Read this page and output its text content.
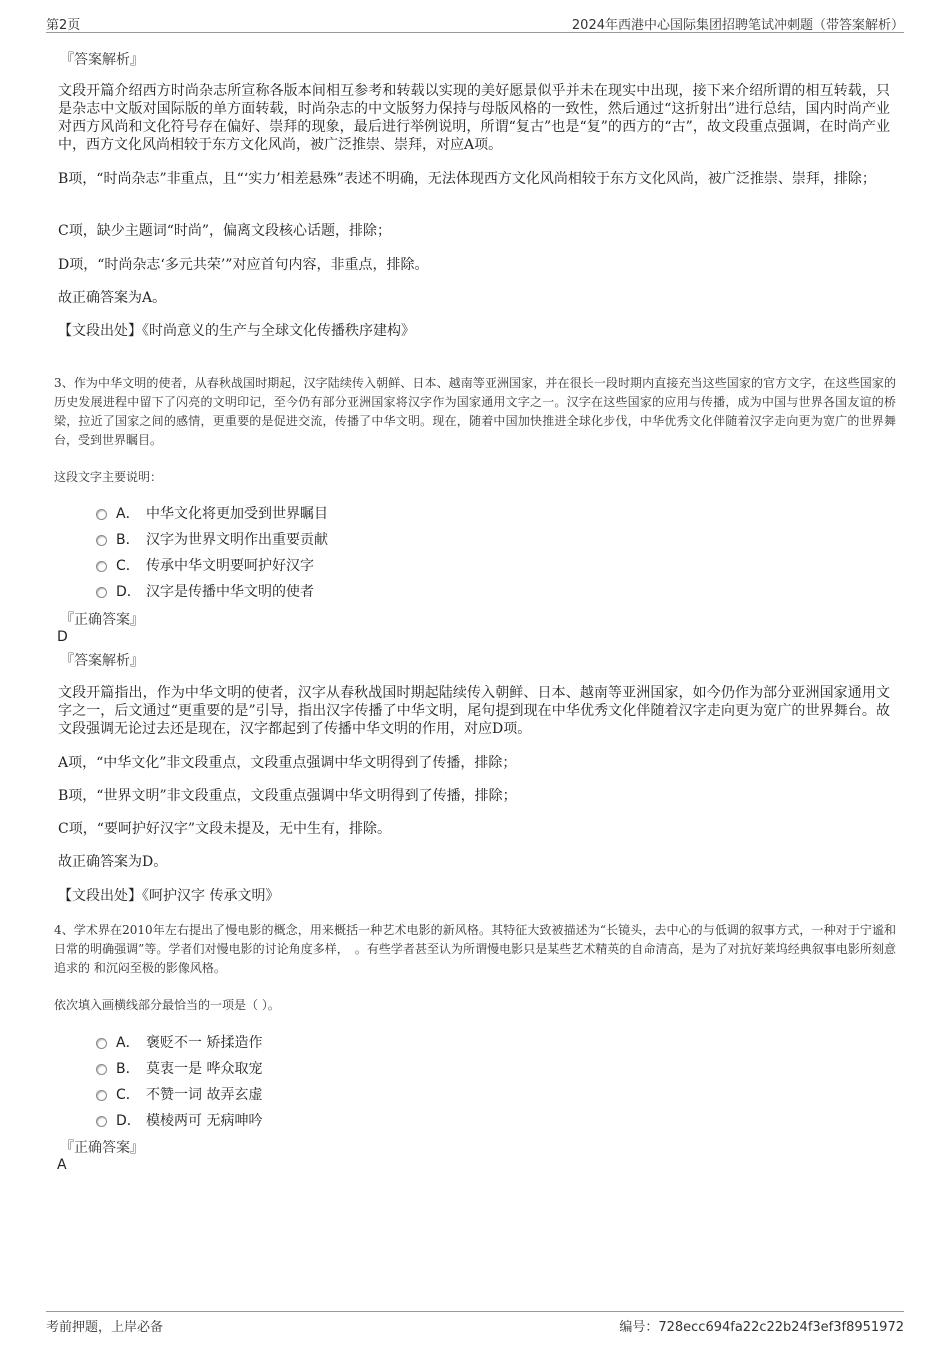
第2页	2024年西港中心国际集团招聘笔试冲刺题（带答案解析）
『答案解析』

文段开篇介绍西方时尚杂志所宣称各版本间相互参考和转载以实现的美好愿景似乎并未在现实中出现，接下来介绍所谓的相互转载，只是杂志中文版对国际版的单方面转载，时尚杂志的中文版努力保持与母版风格的一致性，然后通过“这折射出”进行总结，国内时尚产业对西方风尚和文化符号存在偏好、崇拜的现象，最后进行举例说明，所谓“复古”也是“复”的西方的“古”，故文段重点强调，在时尚产业中，西方文化风尚相较于东方文化风尚，被广泛推崇、崇拜，对应A项。

B项，“时尚杂志”非重点，且“‘实力’相差悬殊”表述不明确，无法体现西方文化风尚相较于东方文化风尚，被广泛推崇、崇拜，排除；

C项，缺少主题词“时尚”，偏离文段核心话题，排除；

D项，“时尚杂志‘多元共荣’”对应首句内容，非重点，排除。

故正确答案为A。

【文段出处】《时尚意义的生产与全球文化传播秩序建构》

3、作为中华文明的使者，从春秋战国时期起，汉字陆续传入朝鲜、日本、越南等亚洲国家，并在很长一段时期内直接充当这些国家的官方文字，在这些国家的历史发展进程中留下了闪亮的文明印记，至今仍有部分亚洲国家将汉字作为国家通用文字之一。汉字在这些国家的应用与传播，成为中国与世界各国友谊的桥梁，拉近了国家之间的感情，更重要的是促进交流，传播了中华文明。现在，随着中国加快推进全球化步伐，中华优秀文化伴随着汉字走向更为宽广的世界舞台，受到世界瞩目。

这段文字主要说明：

A． 中华文化将更加受到世界瞩目
B． 汉字为世界文明作出重要贡献
C． 传承中华文明要呵护好汉字
D． 汉字是传播中华文明的使者
『正确答案』
D
『答案解析』

文段开篇指出，作为中华文明的使者，汉字从春秋战国时期起陆续传入朝鲜、日本、越南等亚洲国家，如今仍作为部分亚洲国家通用文字之一，后文通过“更重要的是”引导，指出汉字传播了中华文明，尾句提到现在中华优秀文化伴随着汉字走向更为宽广的世界舞台。故文段强调无论过去还是现在，汉字都起到了传播中华文明的作用，对应D项。

A项，“中华文化”非文段重点，文段重点强调中华文明得到了传播，排除；

B项，“世界文明”非文段重点，文段重点强调中华文明得到了传播，排除；

C项，“要呵护好汉字”文段未提及，无中生有，排除。

故正确答案为D。

【文段出处】《呵护汉字 传承文明》

4、学术界在2010年左右提出了慢电影的概念，用来概括一种艺术电影的新风格。其特征大致被描述为“长镜头，去中心的与低调的叙事方式，一种对于宁谧和日常的明确强调”等。学者们对慢电影的讨论角度多样，　。有些学者甚至认为所谓慢电影只是某些艺术精英的自命清高，是为了对抗好莱坞经典叙事电影所刻意追求的 和沉闷至极的影像风格。

依次填入画横线部分最恰当的一项是（ ）。

A． 褒贬不一 矫揉造作
B． 莫衷一是 哗众取宠
C． 不赞一词 故弄玄虚
D． 模棱两可 无病呻吟
『正确答案』
A
考前押题，上岸必备	编号：728ecc694fa22c22b24f3ef3f8951972
